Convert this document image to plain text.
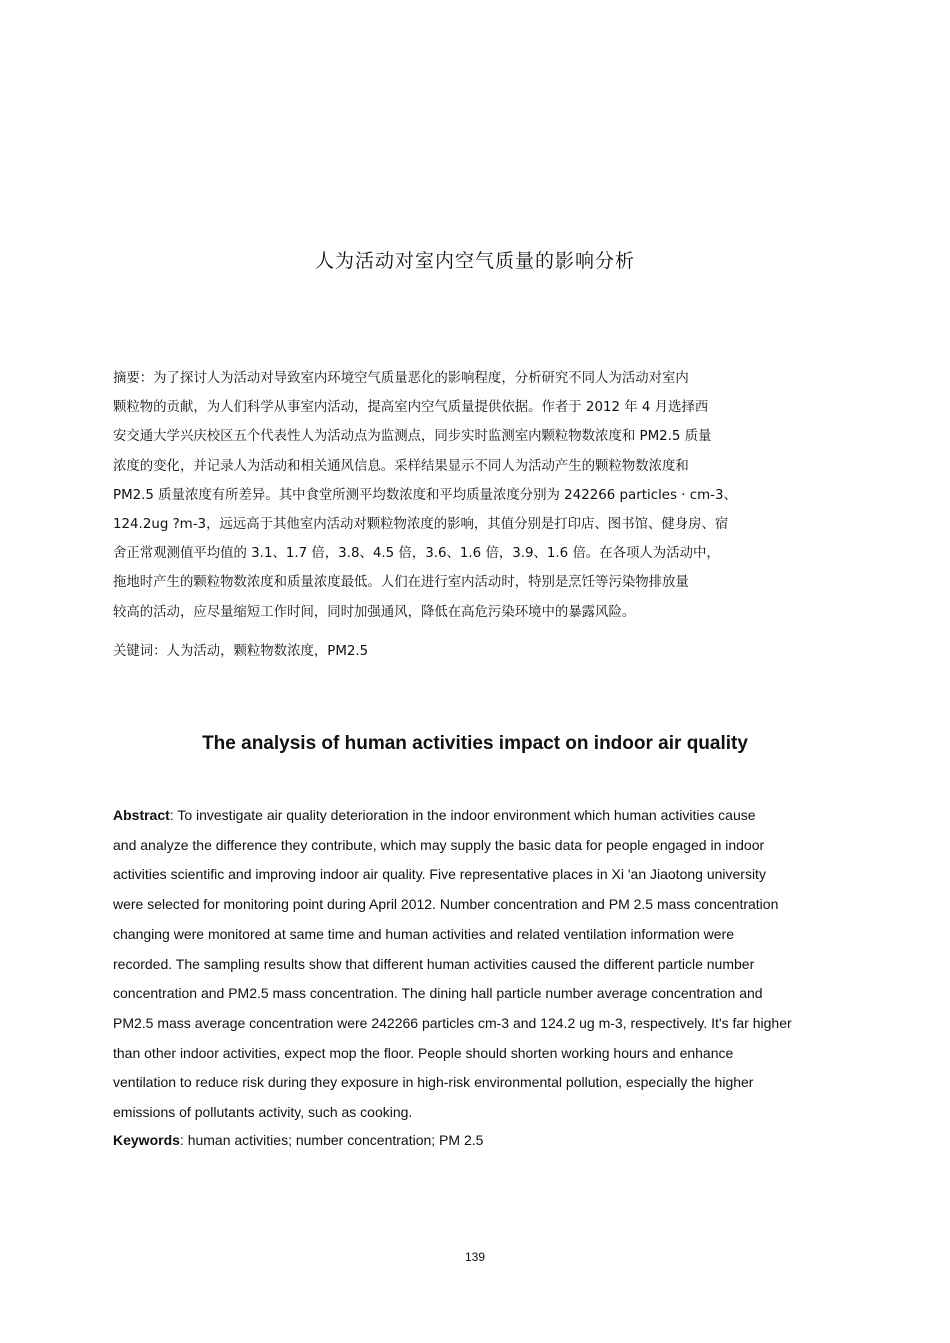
人为活动对室内空气质量的影响分析

摘要：为了探讨人为活动对导致室内环境空气质量恶化的影响程度，分析研究不同人为活动对室内

颗粒物的贡献，为人们科学从事室内活动，提高室内空气质量提供依据。作者于 2012 年 4 月选择西

安交通大学兴庆校区五个代表性人为活动点为监测点，同步实时监测室内颗粒物数浓度和 PM2.5 质量

浓度的变化，并记录人为活动和相关通风信息。采样结果显示不同人为活动产生的颗粒物数浓度和

PM2.5 质量浓度有所差异。其中食堂所测平均数浓度和平均质量浓度分别为 242266 particles · cm-3、

124.2ug ?m-3，远远高于其他室内活动对颗粒物浓度的影响，其值分别是打印店、图书馆、健身房、宿

舍正常观测值平均值的 3.1、1.7 倍，3.8、4.5 倍，3.6、1.6 倍，3.9、1.6 倍。在各项人为活动中，

拖地时产生的颗粒物数浓度和质量浓度最低。人们在进行室内活动时，特别是烹饪等污染物排放量

较高的活动，应尽量缩短工作时间，同时加强通风，降低在高危污染环境中的暴露风险。

关键词：人为活动，颗粒物数浓度，PM2.5
The analysis of human activities impact on indoor air quality

Abstract: To investigate air quality deterioration in the indoor environment which human activities cause

and analyze the difference they contribute, which may supply the basic data for people engaged in indoor

activities scientific and improving indoor air quality. Five representative places in Xi 'an Jiaotong university

were selected for monitoring point during April 2012. Number concentration and PM 2.5 mass concentration

changing were monitored at same time and human activities and related ventilation information were

recorded. The sampling results show that different human activities caused the different particle number

concentration and PM2.5 mass concentration. The dining hall particle number average concentration and

PM2.5 mass average concentration were 242266 particles cm-3 and 124.2 ug m-3, respectively. It's far higher

than other indoor activities, expect mop the floor. People should shorten working hours and enhance

ventilation to reduce risk during they exposure in high-risk environmental pollution, especially the higher

emissions of pollutants activity, such as cooking.

Keywords: human activities; number concentration; PM 2.5
139
